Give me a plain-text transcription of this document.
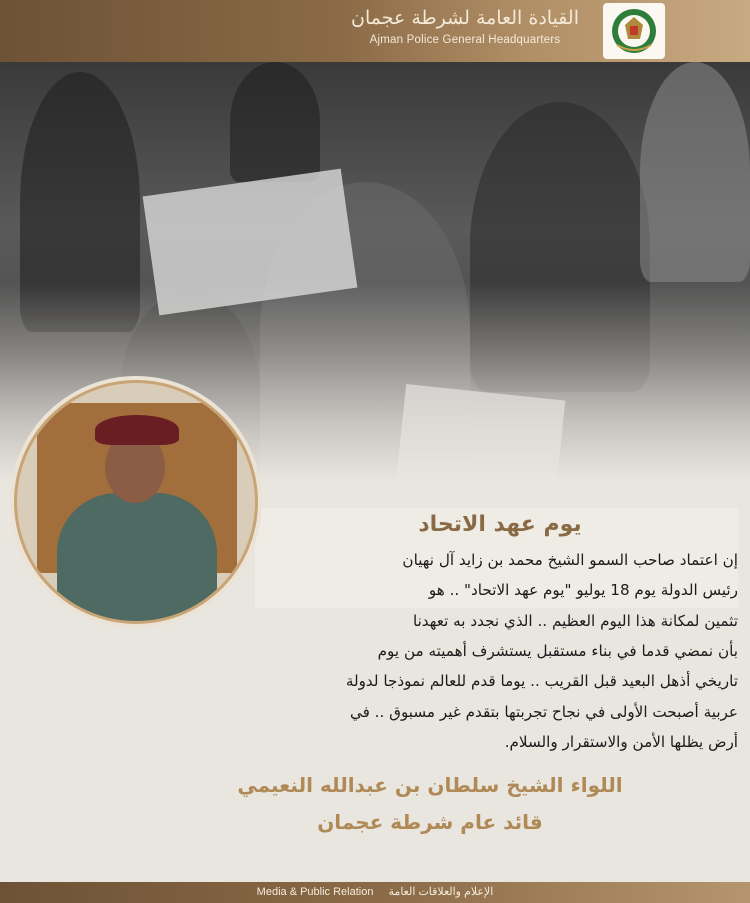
القيادة العامة لشرطة عجمان
Ajman Police General Headquarters
يوم عهد الاتحاد
إن اعتماد صاحب السمو الشيخ محمد بن زايد آل نهيان
رئيس الدولة يوم 18 يوليو "يوم عهد الاتحاد" .. هو
تثمين لمكانة هذا اليوم العظيم .. الذي نجدد به تعهدنا
بأن نمضي قدما في بناء مستقبل يستشرف أهميته من يوم
تاريخي أذهل البعيد قبل القريب .. يوما قدم للعالم نموذجا لدولة
عربية أصبحت الأولى في نجاح تجربتها بتقدم غير مسبوق .. في
أرض يظلها الأمن والاستقرار والسلام.
اللواء الشيخ سلطان بن عبدالله النعيمي
قائد عام شرطة عجمان
Media & Public Relation الإعلام والعلاقات العامة
